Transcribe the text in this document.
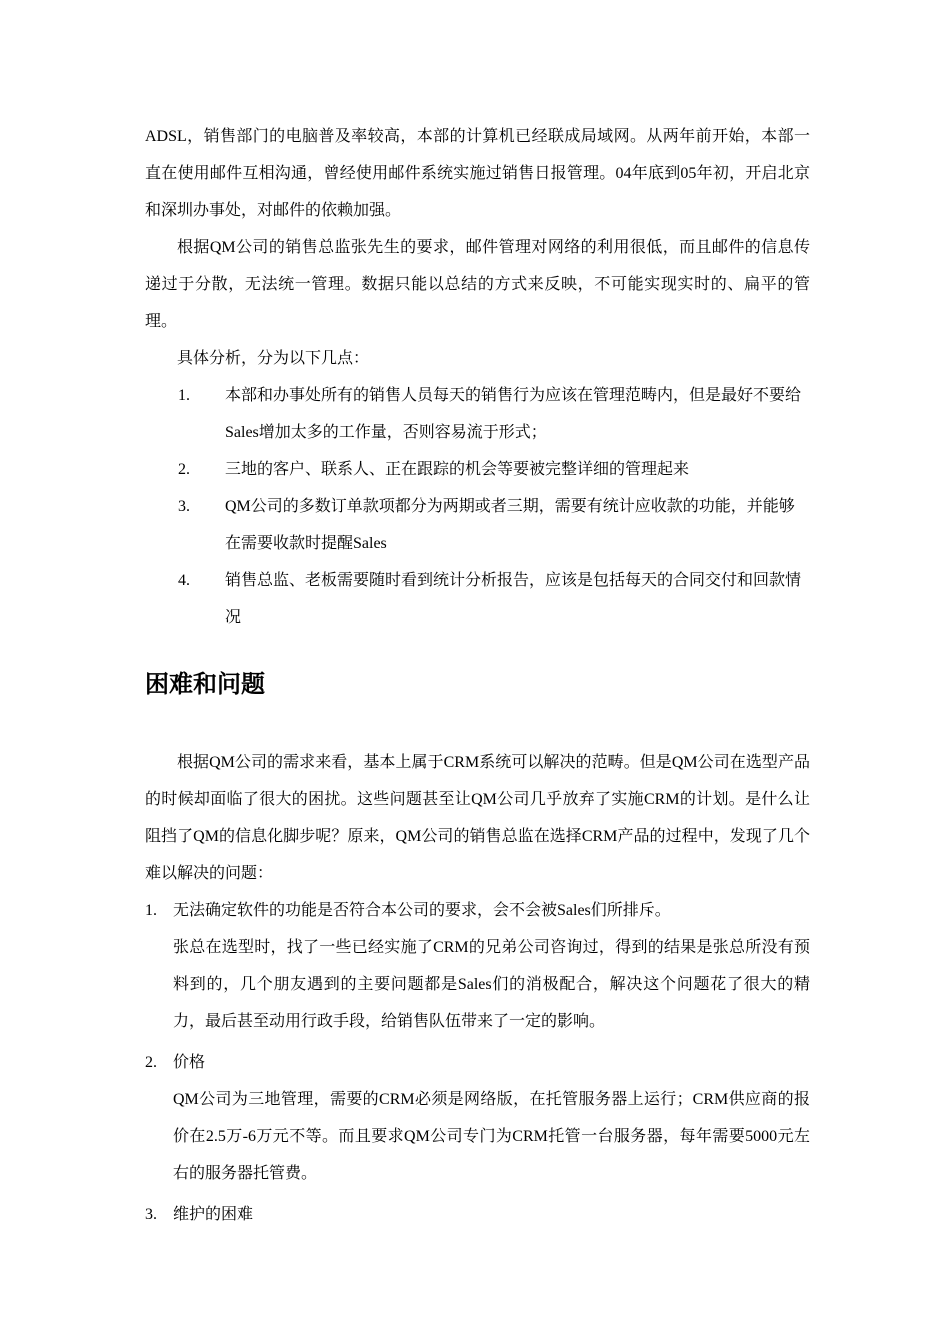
ADSL，销售部门的电脑普及率较高，本部的计算机已经联成局域网。从两年前开始，本部一直在使用邮件互相沟通，曾经使用邮件系统实施过销售日报管理。04年底到05年初，开启北京和深圳办事处，对邮件的依赖加强。

根据QM公司的销售总监张先生的要求，邮件管理对网络的利用很低，而且邮件的信息传递过于分散，无法统一管理。数据只能以总结的方式来反映，不可能实现实时的、扁平的管理。

具体分析，分为以下几点：

1. 本部和办事处所有的销售人员每天的销售行为应该在管理范畴内，但是最好不要给Sales增加太多的工作量，否则容易流于形式；
2. 三地的客户、联系人、正在跟踪的机会等要被完整详细的管理起来
3. QM公司的多数订单款项都分为两期或者三期，需要有统计应收款的功能，并能够在需要收款时提醒Sales
4. 销售总监、老板需要随时看到统计分析报告，应该是包括每天的合同交付和回款情况
困难和问题

根据QM公司的需求来看，基本上属于CRM系统可以解决的范畴。但是QM公司在选型产品的时候却面临了很大的困扰。这些问题甚至让QM公司几乎放弃了实施CRM的计划。是什么让阻挡了QM的信息化脚步呢？原来，QM公司的销售总监在选择CRM产品的过程中，发现了几个难以解决的问题：

1. 无法确定软件的功能是否符合本公司的要求，会不会被Sales们所排斥。

张总在选型时，找了一些已经实施了CRM的兄弟公司咨询过，得到的结果是张总所没有预料到的，几个朋友遇到的主要问题都是Sales们的消极配合，解决这个问题花了很大的精力，最后甚至动用行政手段，给销售队伍带来了一定的影响。

2. 价格

QM公司为三地管理，需要的CRM必须是网络版，在托管服务器上运行；CRM供应商的报价在2.5万-6万元不等。而且要求QM公司专门为CRM托管一台服务器，每年需要5000元左右的服务器托管费。

3. 维护的困难
